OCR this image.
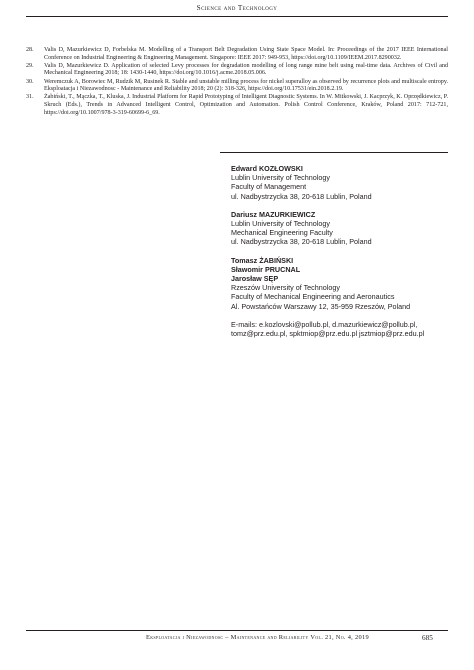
Science and Technology
28. Valis D, Mazurkiewicz D, Forbelska M. Modelling of a Transport Belt Degradation Using State Space Model. In: Proceedings of the 2017 IEEE International Conference on Industrial Engineering & Engineering Management. Singapore: IEEE 2017: 949-953, https://doi.org/10.1109/IEEM.2017.8290032.
29. Valis D, Mazurkiewicz D. Application of selected Levy processes for degradation modelling of long range mine belt using real-time data. Archives of Civil and Mechanical Engineering 2018; 18: 1430-1440, https://doi.org/10.1016/j.acme.2018.05.006.
30. Weremczuk A, Borowiec M, Rudzik M, Rusinek R. Stable and unstable milling process for nickel superalloy as observed by recurrence plots and multiscale entropy. Eksploatacja i Niezawodnosc - Maintenance and Reliability 2018; 20 (2): 318-326, https://doi.org/10.17531/ein.2018.2.19.
31. Żabiński, T., Mączka, T., Kluska, J. Industrial Platform for Rapid Prototyping of Intelligent Diagnostic Systems. In W. Mitkowski, J. Kacprzyk, K. Oprzędkiewicz, P. Skruch (Eds.), Trends in Advanced Intelligent Control, Optimization and Automation. Polish Control Conference, Kraków, Poland 2017: 712-721, https://doi.org/10.1007/978-3-319-60699-6_69.
Edward KOZŁOWSKI
Lublin University of Technology
Faculty of Management
ul. Nadbystrzycka 38, 20-618 Lublin, Poland
Dariusz MAZURKIEWICZ
Lublin University of Technology
Mechanical Engineering Faculty
ul. Nadbystrzycka 38, 20-618 Lublin, Poland
Tomasz ŻABIŃSKI
Sławomir PRUCNAL
Jarosław SĘP
Rzeszów University of Technology
Faculty of Mechanical Engineering and Aeronautics
Al. Powstańców Warszawy 12, 35-959 Rzeszów, Poland
E-mails: e.kozlovski@pollub.pl, d.mazurkiewicz@pollub.pl,
tomz@prz.edu.pl, spktmiop@prz.edu.pl jsztmiop@prz.edu.pl
Eksploatacja i Niezawodnosc – Maintenance and Reliability Vol. 21, No. 4, 2019	685
